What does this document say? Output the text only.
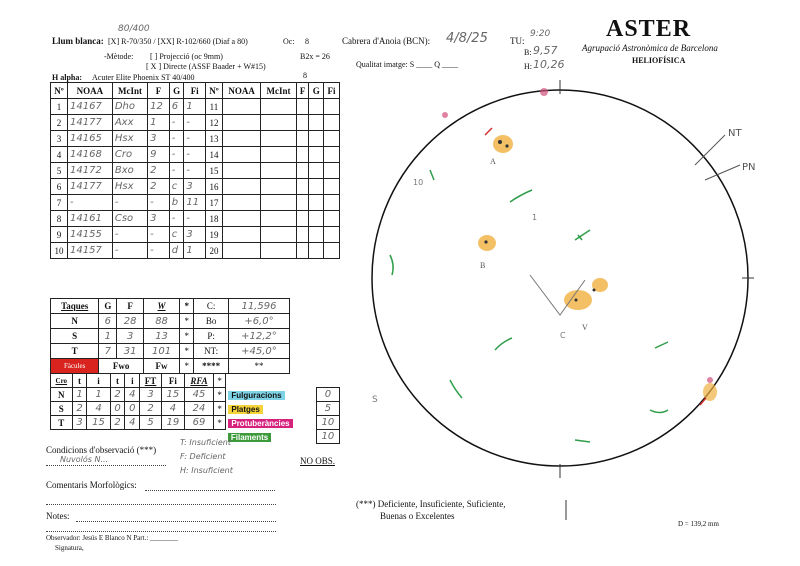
Llum blanca: [X] R-70/350 / [XX] R-102/660 (Diaf a 80)
80/400
Oc: 8
-Mètode: [ ] Projecció (oc 9mm)
[ X ] Directe (ASSF Baader + W#15)
B2x = 26
H alpha: Acuter Elite Phoenix ST 40/400	8
Cabrera d'Anoia (BCN): 4/8/25 TU:
9:20
Qualitat imatge: S ____ Q ____
B: 9,57
H: 10,26
ASTER
Agrupació Astronòmica de Barcelona
HELIOFÍSICA
Nº	NOAA	McInt	F	G	Fi	Nº	NOAA	McInt	F	G	Fi
1	14167	Dho	12	6	1	11					
2	14177	Axx	1	-	-	12					
3	14165	Hsx	3	-	-	13					
4	14168	Cro	9	-	-	14					
5	14172	Bxo	2	-	-	15					
6	14177	Hsx	2	c	3	16					
7	-	-	-	b	11	17					
8	14161	Cso	3	-	-	18					
9	14155	-	-	c	3	19					
10	14157	-	-	d	1	20					
Taques	G	F	W	*	C:	11,596
N	6	28	88	*	Bo	+6,0°
S	1	3	13	*	P:	+12,2°
T	7	31	101	*	NT:	+45,0°
Fàcules	Fwo		Fw	*	****	**
Cro	t	i	t	i	FT	Fi	RFA	*		
N	1	1	2	4	3	15	45	*	Fulguracions	0
S	2	4	0	0	2	4	24	*	Platges	5
T	3	15	2	4	5	19	69	*	Protuberàncies	10
									Filaments	10
Condicions d'observació (***)
Nuvolós N...
T: Insuficient
F: Deficient
H: Insuficient
NO OBS.
Comentaris Morfològics:
Notes:
Observador: Jesús E Blanco N Part.: ________
Signatura,
(***) Deficiente, Insuficiente, Suficiente,
Buenas o Excelentes
D = 139,2 mm
NT
PN
A
B
V
10
1
S
C
